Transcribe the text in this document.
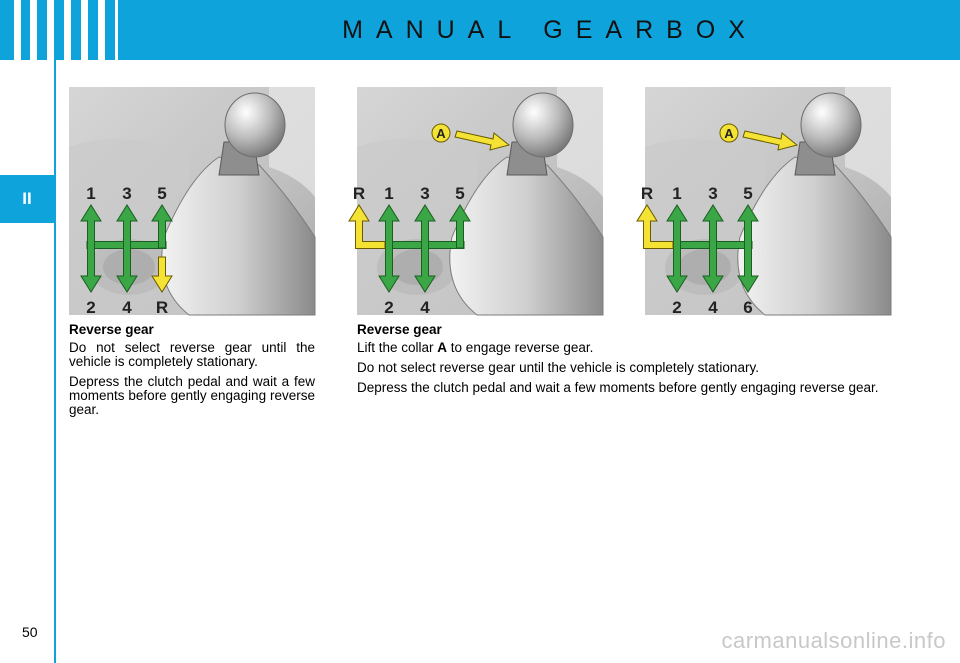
MANUAL GEARBOX
II	1 3 5
2 4 R
A
R 1 3 5
2 4
A
R 1 3 5
2 4 6

Reverse gear

Do not select reverse gear until the vehicle is completely stationary.

Depress the clutch pedal and wait a few moments before gently engaging reverse gear.

Reverse gear

Lift the collar A to engage reverse gear.

Do not select reverse gear until the vehicle is completely stationary.

Depress the clutch pedal and wait a few moments before gently engaging reverse gear.

50	carmanualsonline.info
